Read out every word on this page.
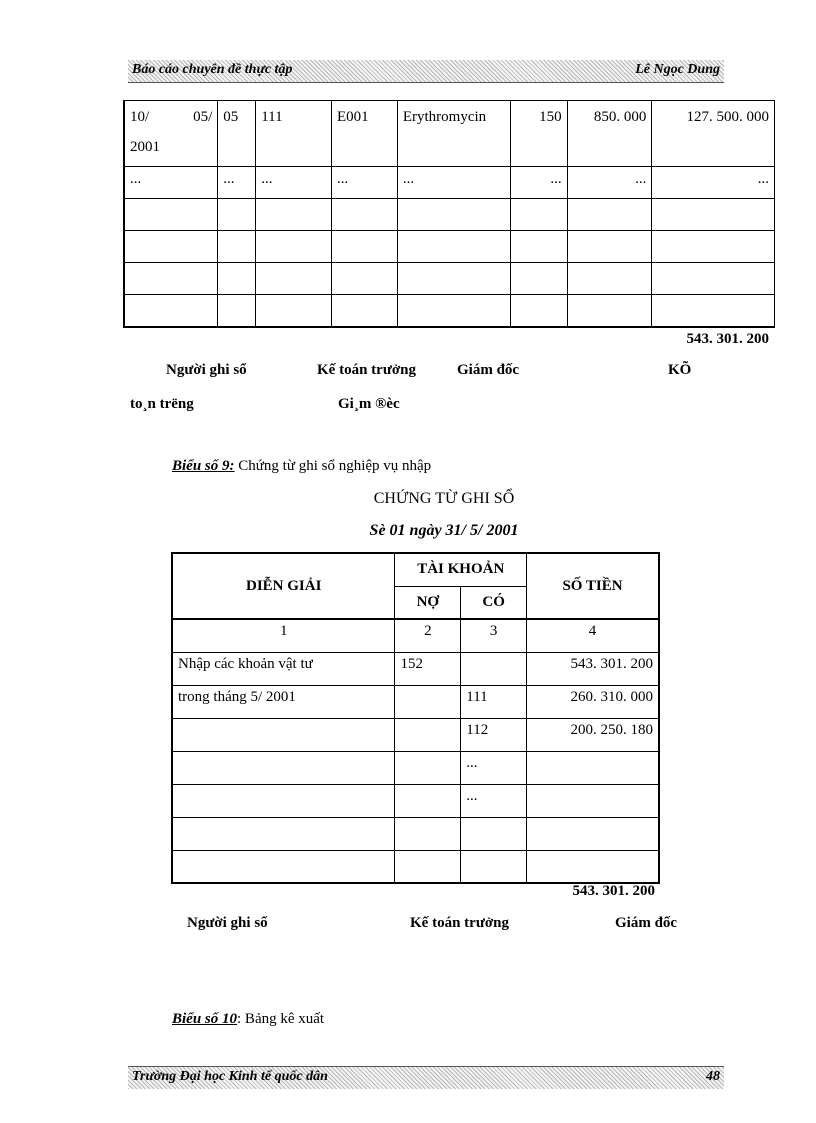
Báo cáo chuyên đề thực tập	Lê Ngọc Dung
10/ 05/
2001	05	111	E001	Erythromycin	150	850. 000	127. 500. 000
...	...	...	...	...	...	...	...

543. 301. 200
Người ghi sổ	Kế toán trưởng	Giám đốc	KÕ
to¸n trëng	Gi¸m ®èc
Biểu số 9: Chứng từ ghi sổ nghiệp vụ nhập
CHỨNG TỪ GHI SỔ
Sè 01 ngày 31/ 5/ 2001
DIỄN GIẢI	TÀI KHOẢN		SỐ TIỀN
	NỢ	CÓ	
1	2	3	4
Nhập các khoản vật tư	152		543. 301. 200
trong tháng 5/ 2001		111	260. 310. 000
		112	200. 250. 180
		...	
		...	

543. 301. 200
Người ghi sổ	Kế toán trưởng	Giám đốc
Biểu số 10: Bảng kê xuất
Trường Đại học Kinh tế quốc dân	48
